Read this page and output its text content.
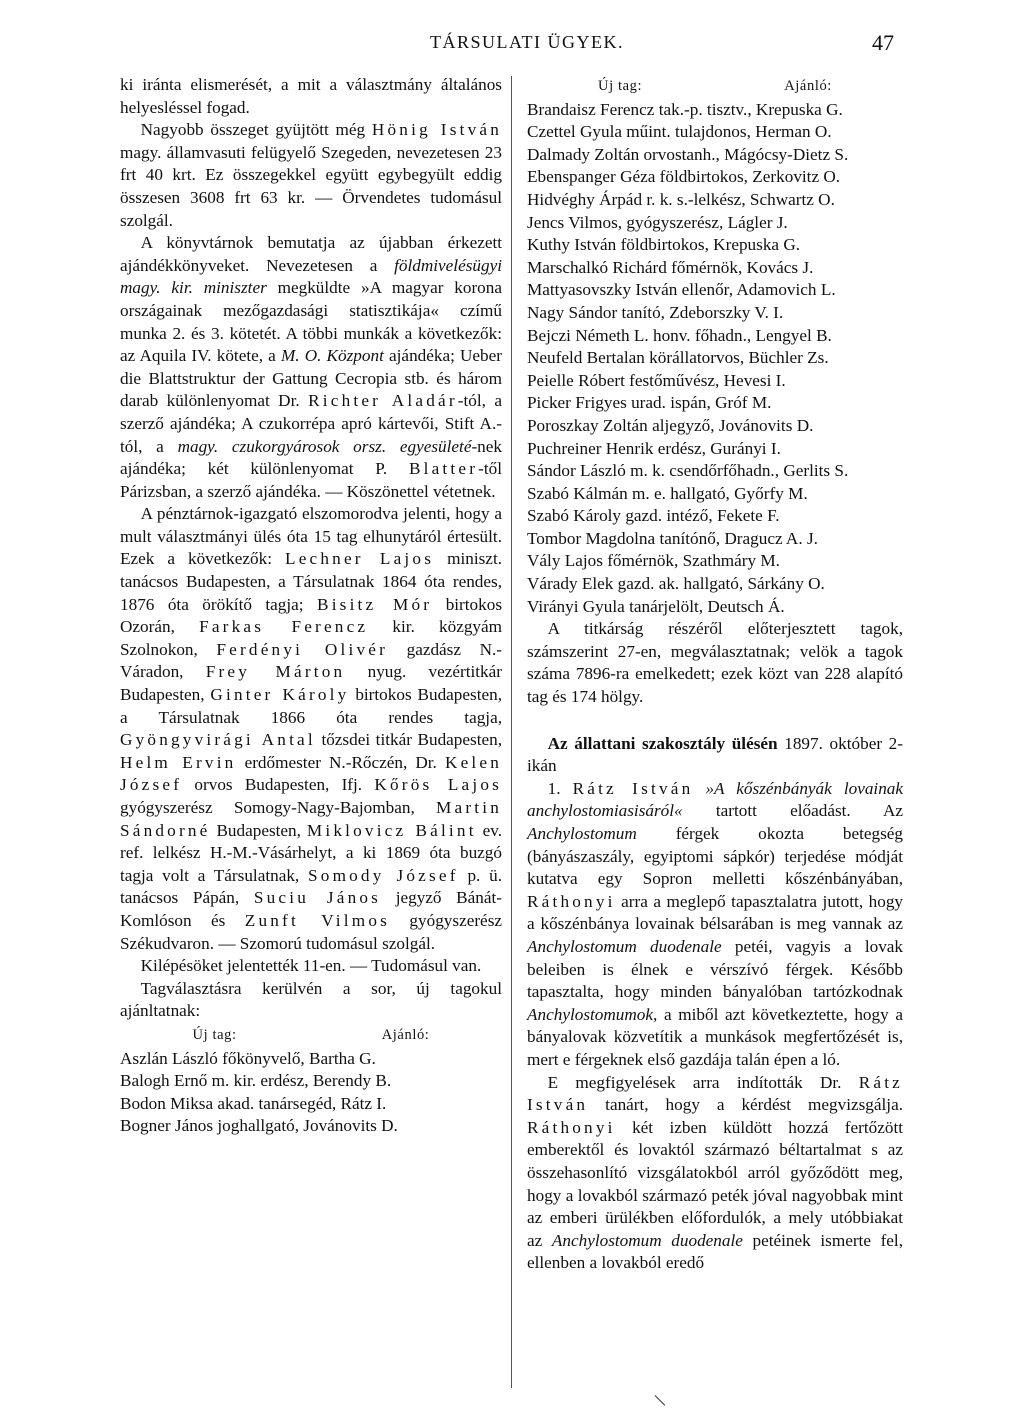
TÁRSULATI ÜGYEK.	47

ki iránta elismerését, a mit a választmány általános helyesléssel fogad.

Nagyobb összeget gyüjtött még Hönig István magy. államvasuti felügyelő Szegeden, nevezetesen 23 frt 40 krt. Ez összegekkel együtt egybegyült eddig összesen 3608 frt 63 kr. — Örvendetes tudomásul szolgál.

A könyvtárnok bemutatja az újabban érkezett ajándékkönyveket. Nevezetesen a földmivelésügyi magy. kir. miniszter megküldte »A magyar korona országainak mezőgazdasági statisztikája« czímű munka 2. és 3. kötetét. A többi munkák a következők: az Aquila IV. kötete, a M. O. Központ ajándéka; Ueber die Blattstruktur der Gattung Cecropia stb. és három darab különlenyomat Dr. Richter Aladár-tól, a szerző ajándéka; A czukorrépa apró kártevői, Stift A.-tól, a magy. czukorgyárosok orsz. egyesületé-nek ajándéka; két különlenyomat P. Blatter-től Párizsban, a szerző ajándéka. — Köszönettel vétetnek.

A pénztárnok-igazgató elszomorodva jelenti, hogy a mult választmányi ülés óta 15 tag elhunytáról értesült. Ezek a következők: Lechner Lajos miniszt. tanácsos Budapesten, a Társulatnak 1864 óta rendes, 1876 óta örökítő tagja; Bisitz Mór birtokos Ozorán, Farkas Ferencz kir. közgyám Szolnokon, Ferdényi Olivér gazdász N.-Váradon, Frey Márton nyug. vezértitkár Budapesten, Ginter Károly birtokos Budapesten, a Társulatnak 1866 óta rendes tagja, Gyöngyvirági Antal tőzsdei titkár Budapesten, Helm Ervin erdőmester N.-Rőczén, Dr. Kelen József orvos Budapesten, Ifj. Kőrös Lajos gyógyszerész Somogy-Nagy-Bajomban, Martin Sándorné Budapesten, Miklovicz Bálint ev. ref. lelkész H.-M.-Vásárhelyt, a ki 1869 óta buzgó tagja volt a Társulatnak, Somody József p. ü. tanácsos Pápán, Suciu János jegyző Bánát-Komlóson és Zunft Vilmos gyógyszerész Székudvaron. — Szomorú tudomásul szolgál.

Kilépésöket jelentették 11-en. — Tudomásul van.

Tagválasztásra kerülvén a sor, új tagokul ajánltatnak:

Új tag:	Ajánló:

Aszlán László főkönyvelő, Bartha G.

Balogh Ernő m. kir. erdész, Berendy B.

Bodon Miksa akad. tanársegéd, Rátz I.

Bogner János joghallgató, Jovánovits D.

Új tag:	Ajánló:

Brandaisz Ferencz tak.-p. tisztv., Krepuska G.

Czettel Gyula műint. tulajdonos, Herman O.

Dalmady Zoltán orvostanh., Mágócsy-Dietz S.

Ebenspanger Géza földbirtokos, Zerkovitz O.

Hidvéghy Árpád r. k. s.-lelkész, Schwartz O.

Jencs Vilmos, gyógyszerész, Lágler J.

Kuthy István földbirtokos, Krepuska G.

Marschalkó Richárd főmérnök, Kovács J.

Mattyasovszky István ellenőr, Adamovich L.

Nagy Sándor tanító, Zdeborszky V. I.

Bejczi Németh L. honv. főhadn., Lengyel B.

Neufeld Bertalan körállatorvos, Büchler Zs.

Peielle Róbert festőművész, Hevesi I.

Picker Frigyes urad. ispán, Gróf M.

Poroszkay Zoltán aljegyző, Jovánovits D.

Puchreiner Henrik erdész, Gurányi I.

Sándor László m. k. csendőrfőhadn., Gerlits S.

Szabó Kálmán m. e. hallgató, Győrfy M.

Szabó Károly gazd. intéző, Fekete F.

Tombor Magdolna tanítónő, Dragucz A. J.

Vály Lajos főmérnök, Szathmáry M.

Várady Elek gazd. ak. hallgató, Sárkány O.

Virányi Gyula tanárjelölt, Deutsch Á.

A titkárság részéről előterjesztett tagok, számszerint 27-en, megválasztatnak; velök a tagok száma 7896-ra emelkedett; ezek közt van 228 alapító tag és 174 hölgy.

Az állattani szakosztály ülésén 1897. október 2-ikán

1. Rátz István »A kőszénbányák lovainak anchylostomiasisáról« tartott előadást. Az Anchylostomum férgek okozta betegség (bányászaszály, egyiptomi sápkór) terjedése módját kutatva egy Sopron melletti kőszénbányában, Ráthonyi arra a meglepő tapasztalatra jutott, hogy a kőszénbánya lovainak bélsarában is meg vannak az Anchylostomum duodenale petéi, vagyis a lovak beleiben is élnek e vérszívó férgek. Később tapasztalta, hogy minden bányalóban tartózkodnak Anchylostomumok, a miből azt következtette, hogy a bányalovak közvetítik a munkások megfertőzését is, mert e férgeknek első gazdája talán épen a ló.

E megfigyelések arra indították Dr. Rátz István tanárt, hogy a kérdést megvizsgálja. Ráthonyi két izben küldött hozzá fertőzött emberektől és lovaktól származó béltartalmat s az összehasonlító vizsgálatokból arról győződött meg, hogy a lovakból származó peték jóval nagyobbak mint az emberi ürülékben előfordulók, a mely utóbbiakat az Anchylostomum duodenale petéinek ismerte fel, ellenben a lovakból eredő
